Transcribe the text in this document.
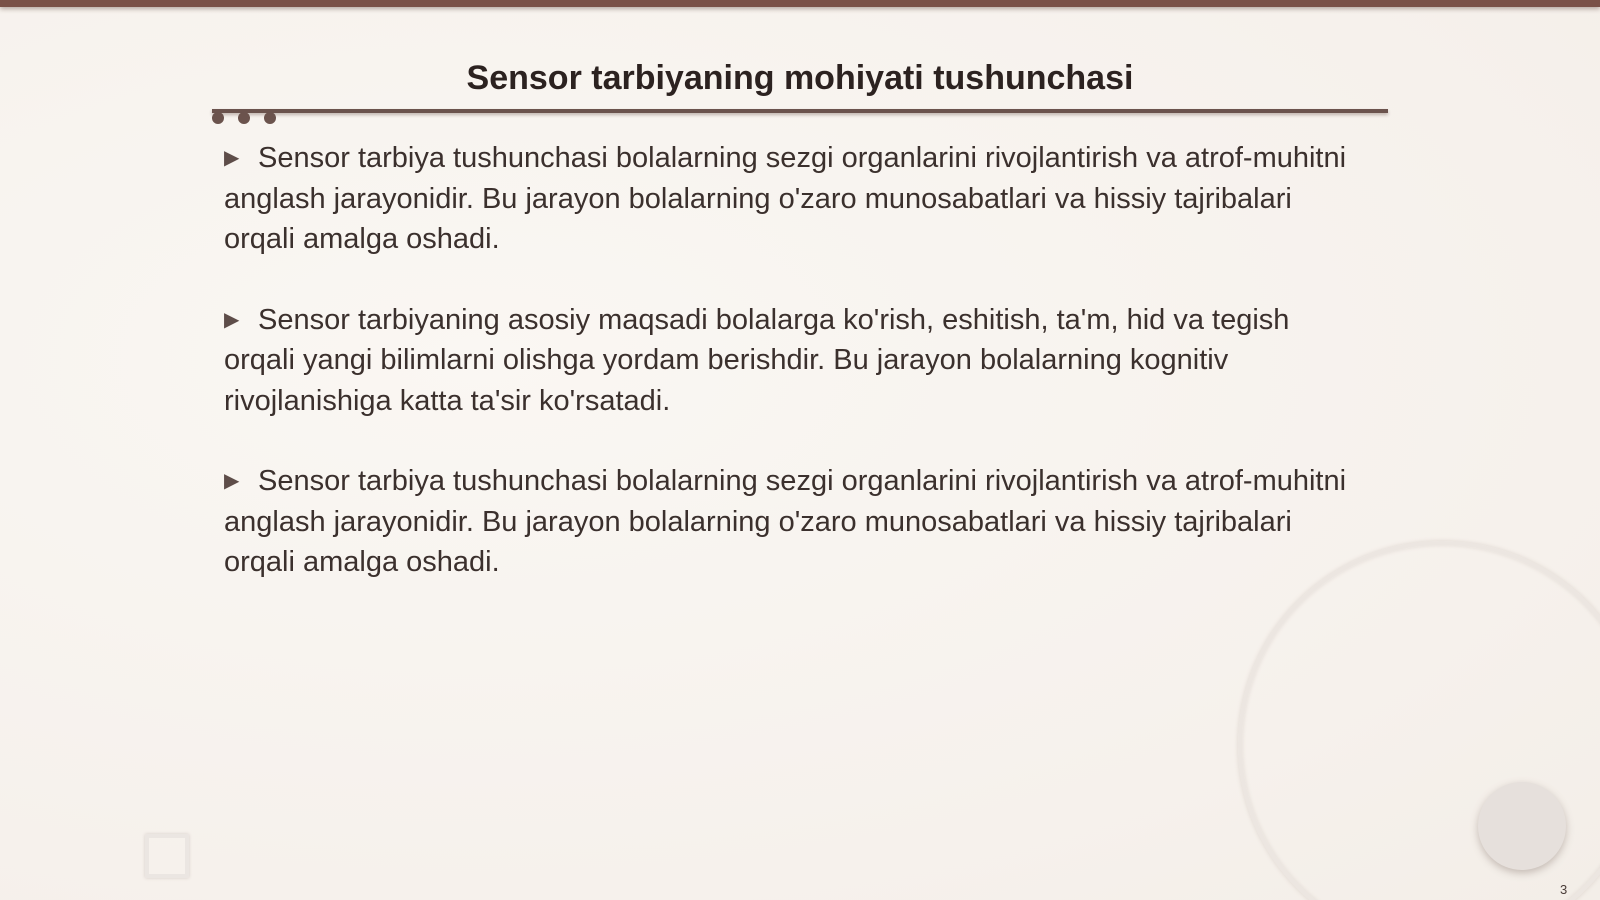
Sensor tarbiyaning mohiyati tushunchasi
▶ Sensor tarbiya tushunchasi bolalarning sezgi organlarini rivojlantirish va atrof-muhitni anglash jarayonidir. Bu jarayon bolalarning o'zaro munosabatlari va hissiy tajribalari orqali amalga oshadi.
▶ Sensor tarbiyaning asosiy maqsadi bolalarga ko'rish, eshitish, ta'm, hid va tegish orqali yangi bilimlarni olishga yordam berishdir. Bu jarayon bolalarning kognitiv rivojlanishiga katta ta'sir ko'rsatadi.
▶ Sensor tarbiya tushunchasi bolalarning sezgi organlarini rivojlantirish va atrof-muhitni anglash jarayonidir. Bu jarayon bolalarning o'zaro munosabatlari va hissiy tajribalari orqali amalga oshadi.
3
